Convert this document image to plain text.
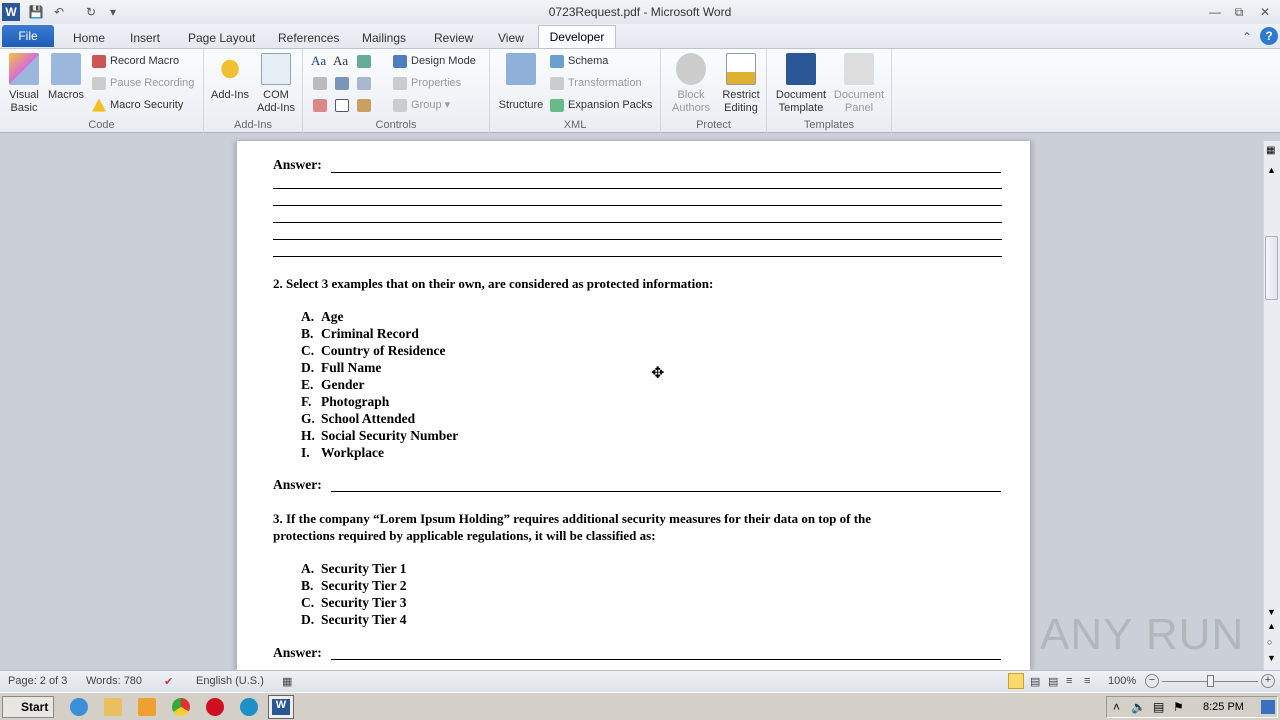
W 💾 ↶	↻	▾	0723Request.pdf - Microsoft Word	—	⧉	✕
Home	Insert	Page Layout	References	Mailings	Review	View	⌃	?
File	Developer
Visual Basic
Macros
Record Macro
Pause Recording
Macro Security
Code
Add-Ins	COM Add-Ins
Add-Ins
Aa Aa	Design Mode
Properties
Group ▾
Controls
Structure
Schema
Transformation
Expansion Packs
XML
Block Authors
Restrict Editing
Protect
Document Template
Document Panel
Templates
Answer:
2. Select 3 examples that on their own, are considered as protected information:
A. Age
B. Criminal Record
C. Country of Residence
D. Full Name
E. Gender
F. Photograph
G. School Attended
H. Social Security Number
I. Workplace
Answer:
3. If the company “Lorem Ipsum Holding” requires additional security measures for their data on top of the
protections required by applicable regulations, it will be classified as:
A. Security Tier 1
B. Security Tier 2
C. Security Tier 3
D. Security Tier 4
Answer:
✥
▦
▲
▼
▲
○
▼
ANY RUN
Page: 2 of 3 Words: 780 ✔ English (U.S.) ▦	▤ ▤ ≡ ≡ 100%	−	+
Start	W	˄ 🔈 ▤ ⚑ 8:25 PM
